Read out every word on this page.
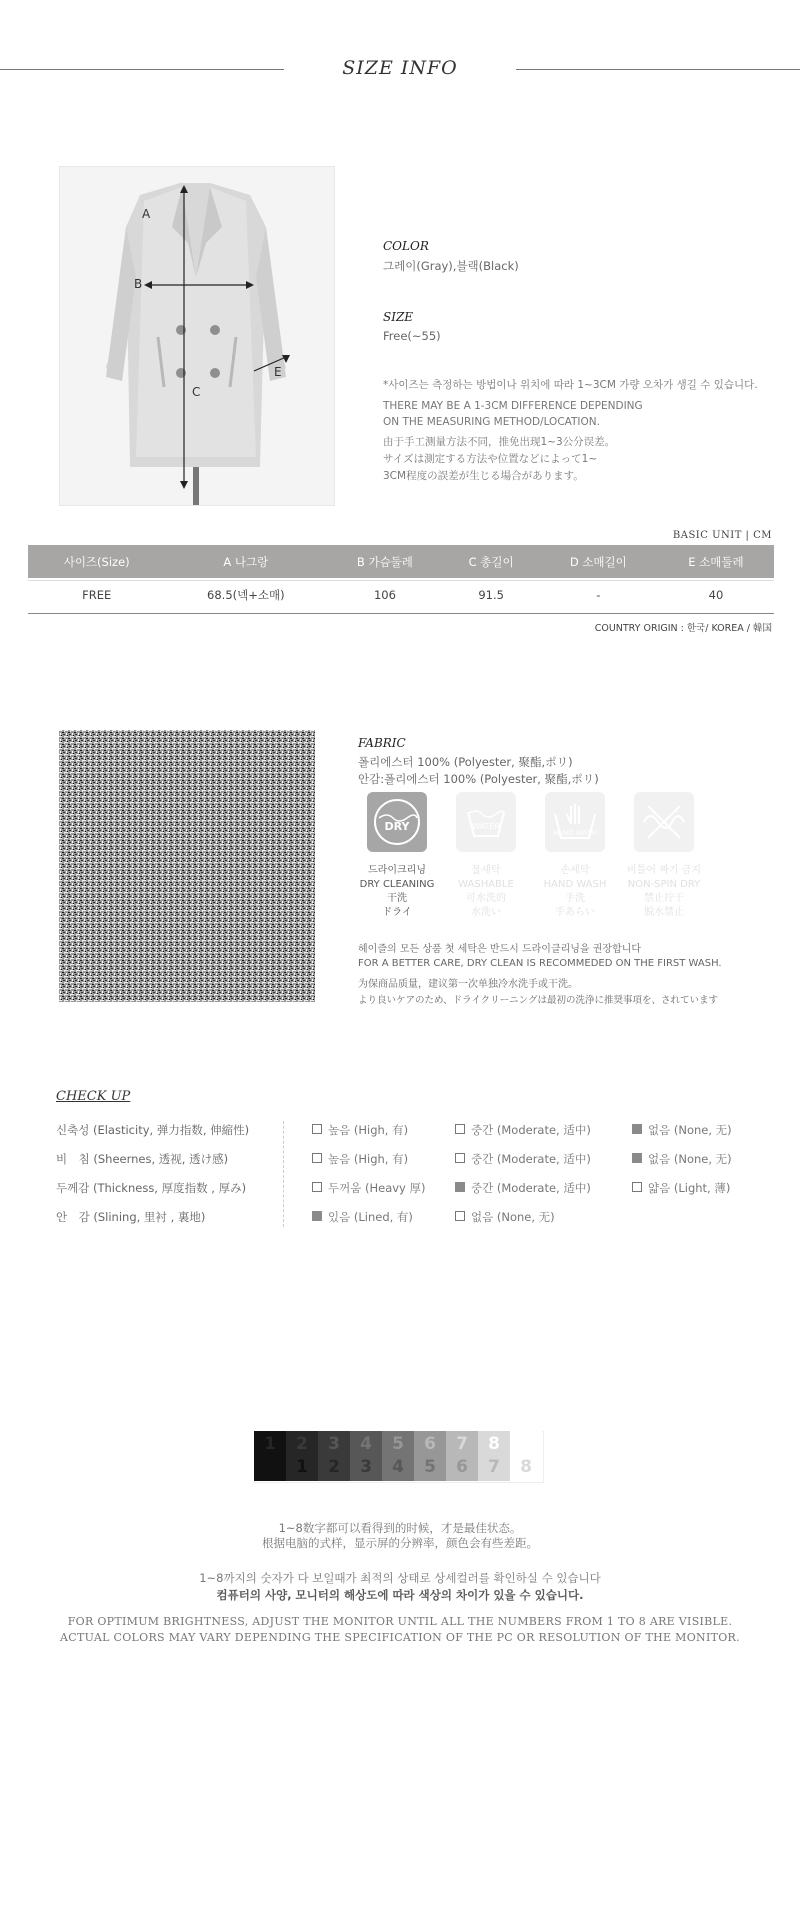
SIZE INFO
A
B
C
E
COLOR
그레이(Gray),블랙(Black)
SIZE
Free(~55)
*사이즈는 측정하는 방법이나 위치에 따라 1~3CM 가량 오차가 생길 수 있습니다.
THERE MAY BE A 1-3CM DIFFERENCE DEPENDING
ON THE MEASURING METHOD/LOCATION.
由于手工测量方法不同，推免出现1~3公分误差。
サイズは測定する方法や位置などによって1~
3CM程度の誤差が生じる場合があります。
BASIC UNIT | CM
사이즈(Size)	A 나그랑	B 가슴둘레	C 총길이	D 소매길이	E 소매둘레
FREE	68.5(넥+소매)	106	91.5	-	40
COUNTRY ORIGIN : 한국/ KOREA / 韓国
FABRIC
폴리에스터 100% (Polyester, 聚酯,ポリ)
안감:폴리에스터 100% (Polyester, 聚酯,ポリ)
DRY	WATER
HAND WASH
드라이크리닝
DRY CLEANING
干洗
ドライ
물세탁
WASHABLE
可水洗的
水洗い
손세탁
HAND WASH
手洗
手あらい
비틀어 짜기 금지
NON-SPIN DRY
禁止拧干
脱水禁止
헤이즐의 모든 상품 첫 세탁은 반드시 드라이클리닝을 권장합니다
FOR A BETTER CARE, DRY CLEAN IS RECOMMEDED ON THE FIRST WASH.
为保商品质量，建议第一次单独冷水洗手或干洗。
より良いケアのため、ドライクリーニングは最初の洗浄に推奨事項を、されています
CHECK UP
신축성 (Elasticity, 弹力指数, 伸縮性)	높음 (High, 有)	중간 (Moderate, 适中)	없음 (None, 无)
비　침 (Sheernes, 透视, 透け感)	높음 (High, 有)	중간 (Moderate, 适中)	없음 (None, 无)
두께감 (Thickness, 厚度指数 , 厚み)	두꺼움 (Heavy 厚)	중간 (Moderate, 适中)	얇음 (Light, 薄)
안　감 (Slining, 里衬 , 裏地)	있음 (Lined, 有)	없음 (None, 无)
1	2	3	4	5	6	7	8
1	2	3	4	5	6	7	8
1~8数字都可以看得到的时候，才是最佳状态。
根据电脑的式样，显示屏的分辨率，颜色会有些差距。
1~8까지의 숫자가 다 보일때가 최적의 상태로 상세컬러를 확인하실 수 있습니다
컴퓨터의 사양, 모니터의 해상도에 따라 색상의 차이가 있을 수 있습니다.
FOR OPTIMUM BRIGHTNESS, ADJUST THE MONITOR UNTIL ALL THE NUMBERS FROM 1 TO 8 ARE VISIBLE.
ACTUAL COLORS MAY VARY DEPENDING THE SPECIFICATION OF THE PC OR RESOLUTION OF THE MONITOR.
